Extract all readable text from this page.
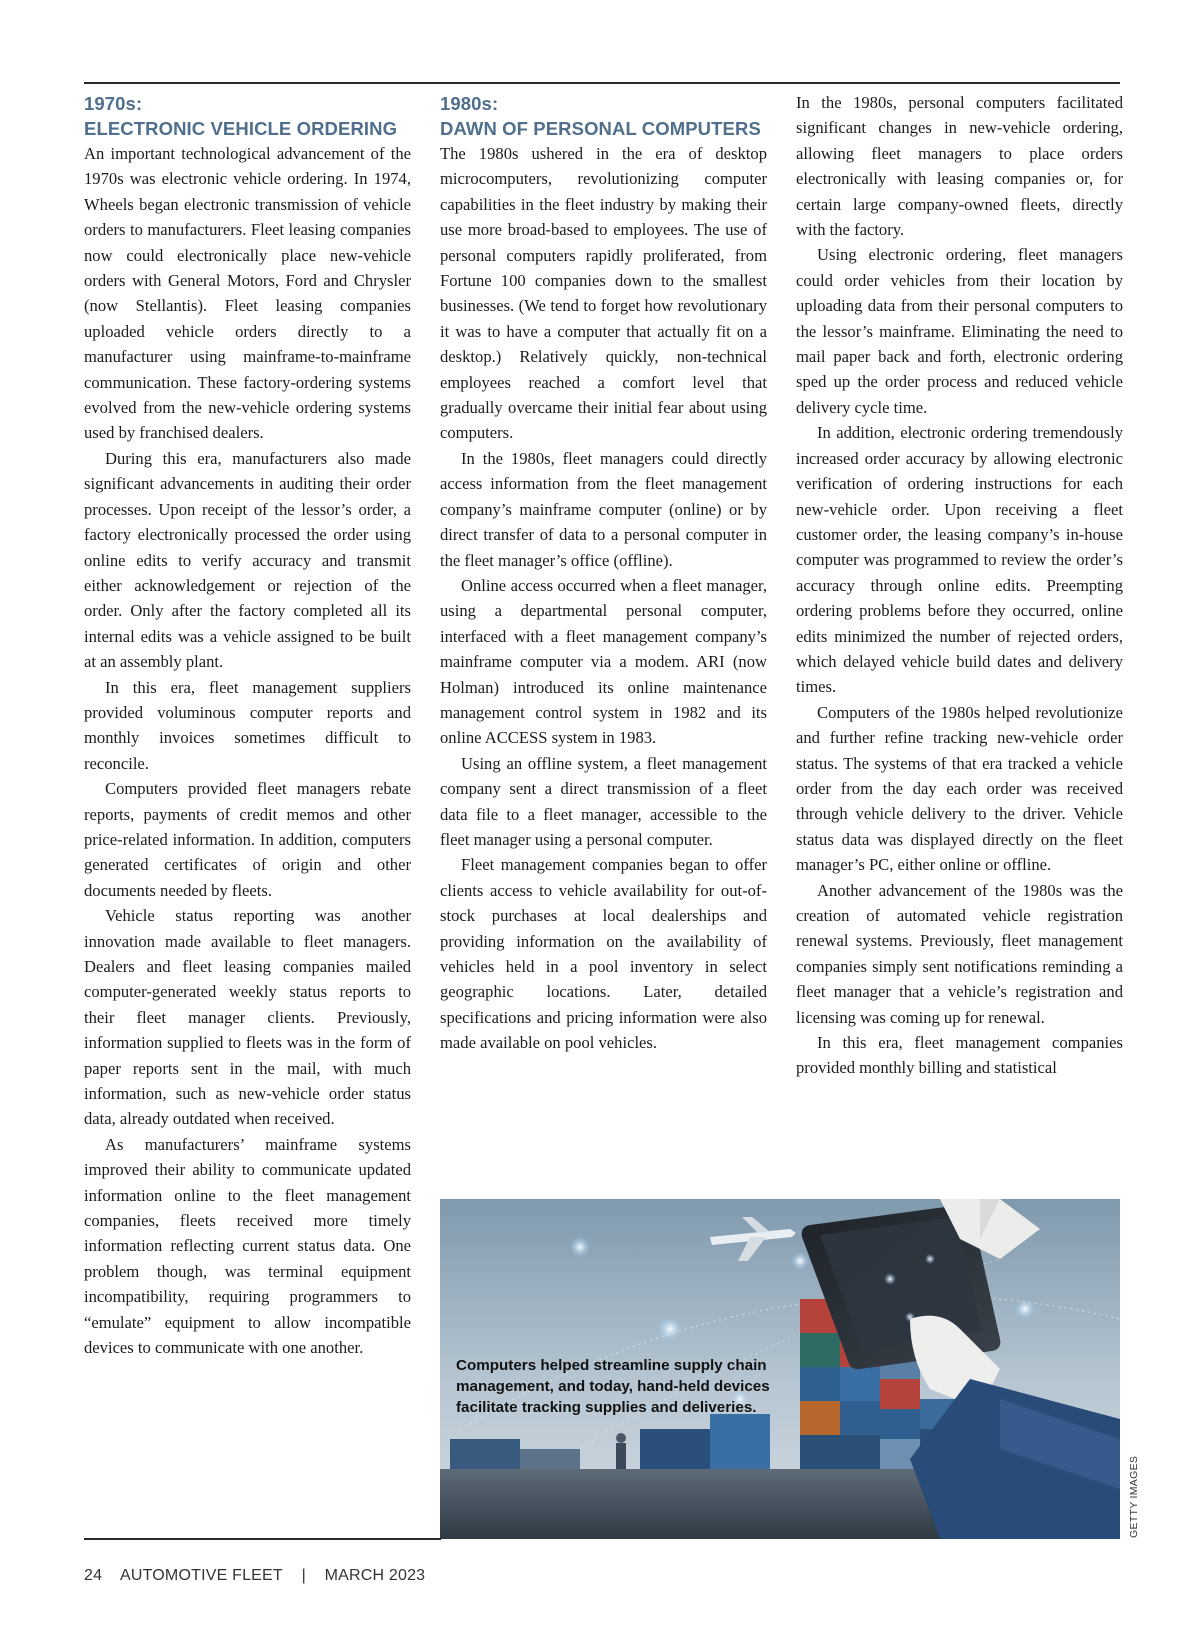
1970s:
ELECTRONIC VEHICLE ORDERING

An important technological advancement of the 1970s was electronic vehicle ordering. In 1974, Wheels began electronic transmission of vehicle orders to manufacturers. Fleet leasing companies now could electronically place new-vehicle orders with General Motors, Ford and Chrysler (now Stellantis). Fleet leasing companies uploaded vehicle orders directly to a manufacturer using mainframe-to-mainframe communication. These factory-ordering systems evolved from the new-vehicle ordering systems used by franchised dealers.

During this era, manufacturers also made significant advancements in auditing their order processes. Upon receipt of the lessor’s order, a factory electronically processed the order using online edits to verify accuracy and transmit either acknowledgement or rejection of the order. Only after the factory completed all its internal edits was a vehicle assigned to be built at an assembly plant.

In this era, fleet management suppliers provided voluminous computer reports and monthly invoices sometimes difficult to reconcile.

Computers provided fleet managers rebate reports, payments of credit memos and other price-related information. In addition, computers generated certificates of origin and other documents needed by fleets.

Vehicle status reporting was another innovation made available to fleet managers. Dealers and fleet leasing companies mailed computer-generated weekly status reports to their fleet manager clients. Previously, information supplied to fleets was in the form of paper reports sent in the mail, with much information, such as new-vehicle order status data, already outdated when received.

As manufacturers’ mainframe systems improved their ability to communicate updated information online to the fleet management companies, fleets received more timely information reflecting current status data. One problem though, was terminal equipment incompatibility, requiring programmers to “emulate” equipment to allow incompatible devices to communicate with one another.

1980s:
DAWN OF PERSONAL COMPUTERS

The 1980s ushered in the era of desktop microcomputers, revolutionizing computer capabilities in the fleet industry by making their use more broad-based to employees. The use of personal computers rapidly proliferated, from Fortune 100 companies down to the smallest businesses. (We tend to forget how revolutionary it was to have a computer that actually fit on a desktop.) Relatively quickly, non-technical employees reached a comfort level that gradually overcame their initial fear about using computers.

In the 1980s, fleet managers could directly access information from the fleet management company’s mainframe computer (online) or by direct transfer of data to a personal computer in the fleet manager’s office (offline).

Online access occurred when a fleet manager, using a departmental personal computer, interfaced with a fleet management company’s mainframe computer via a modem. ARI (now Holman) introduced its online maintenance management control system in 1982 and its online ACCESS system in 1983.

Using an offline system, a fleet management company sent a direct transmission of a fleet data file to a fleet manager, accessible to the fleet manager using a personal computer.

Fleet management companies began to offer clients access to vehicle availability for out-of-stock purchases at local dealerships and providing information on the availability of vehicles held in a pool inventory in select geographic locations. Later, detailed specifications and pricing information were also made available on pool vehicles.

In the 1980s, personal computers facilitated significant changes in new-vehicle ordering, allowing fleet managers to place orders electronically with leasing companies or, for certain large company-owned fleets, directly with the factory.

Using electronic ordering, fleet managers could order vehicles from their location by uploading data from their personal computers to the lessor’s mainframe. Eliminating the need to mail paper back and forth, electronic ordering sped up the order process and reduced vehicle delivery cycle time.

In addition, electronic ordering tremendously increased order accuracy by allowing electronic verification of ordering instructions for each new-vehicle order. Upon receiving a fleet customer order, the leasing company’s in-house computer was programmed to review the order’s accuracy through online edits. Preempting ordering problems before they occurred, online edits minimized the number of rejected orders, which delayed vehicle build dates and delivery times.

Computers of the 1980s helped revolutionize and further refine tracking new-vehicle order status. The systems of that era tracked a vehicle order from the day each order was received through vehicle delivery to the driver. Vehicle status data was displayed directly on the fleet manager’s PC, either online or offline.

Another advancement of the 1980s was the creation of automated vehicle registration renewal systems. Previously, fleet management companies simply sent notifications reminding a fleet manager that a vehicle’s registration and licensing was coming up for renewal.

In this era, fleet management companies provided monthly billing and statistical

Computers helped streamline supply chain management, and today, hand-held devices facilitate tracking supplies and deliveries.
GETTY IMAGES
24 AUTOMOTIVE FLEET | MARCH 2023
